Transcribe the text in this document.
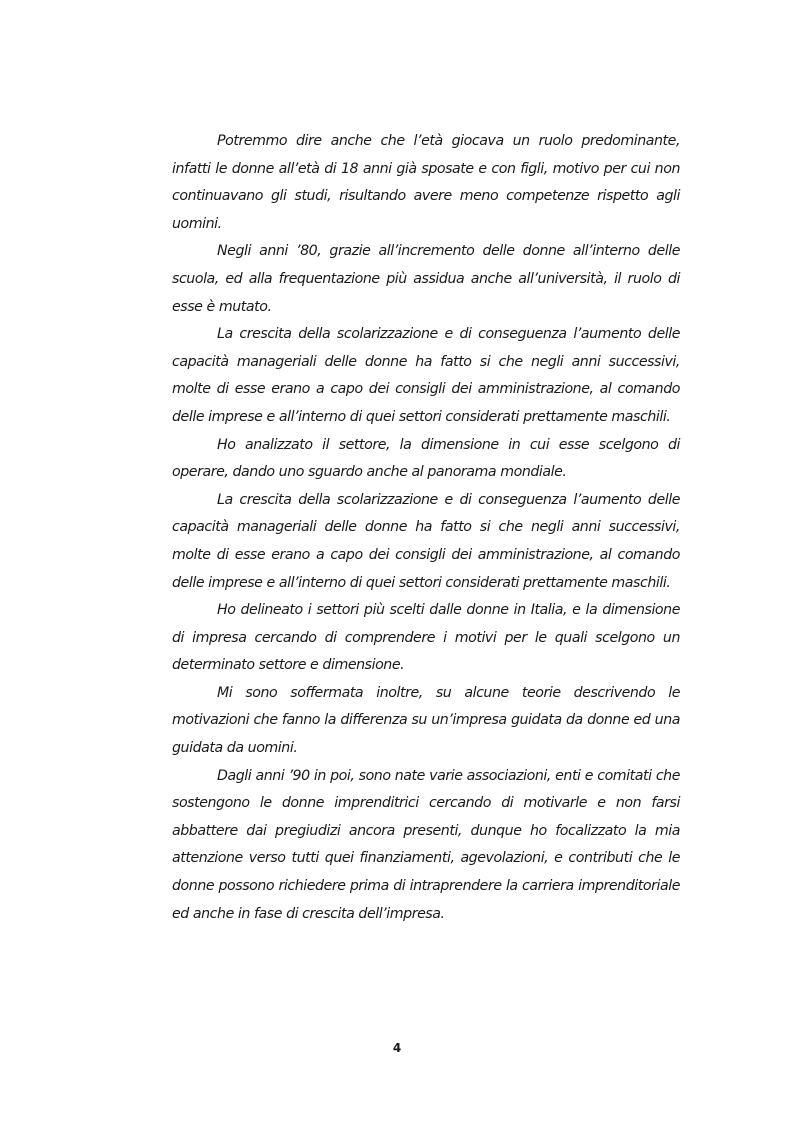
Potremmo dire anche che l’età giocava un ruolo predominante, infatti le donne all’età di 18 anni già sposate e con figli, motivo per cui non continuavano gli studi, risultando avere meno competenze rispetto agli uomini.

Negli anni ’80, grazie all’incremento delle donne all’interno delle scuola, ed alla frequentazione più assidua anche all’università, il ruolo di esse è mutato.

La crescita della scolarizzazione e di conseguenza l’aumento delle capacità manageriali delle donne ha fatto si che negli anni successivi, molte di esse erano a capo dei consigli dei amministrazione, al comando delle imprese e all’interno di quei settori considerati prettamente maschili.

Ho analizzato il settore, la dimensione in cui esse scelgono di operare, dando uno sguardo anche al panorama mondiale.

La crescita della scolarizzazione e di conseguenza l’aumento delle capacità manageriali delle donne ha fatto si che negli anni successivi, molte di esse erano a capo dei consigli dei amministrazione, al comando delle imprese e all’interno di quei settori considerati prettamente maschili.

Ho delineato i settori più scelti dalle donne in Italia, e la dimensione di impresa cercando di comprendere i motivi per le quali scelgono un determinato settore e dimensione.

Mi sono soffermata inoltre, su alcune teorie descrivendo le motivazioni che fanno la differenza su un’impresa guidata da donne ed una guidata da uomini.

Dagli anni ’90 in poi, sono nate varie associazioni, enti e comitati che sostengono le donne imprenditrici cercando di motivarle e non farsi abbattere dai pregiudizi ancora presenti, dunque ho focalizzato la mia attenzione verso tutti quei finanziamenti, agevolazioni, e contributi che le donne possono richiedere prima di intraprendere la carriera imprenditoriale ed anche in fase di crescita dell’impresa.

4
